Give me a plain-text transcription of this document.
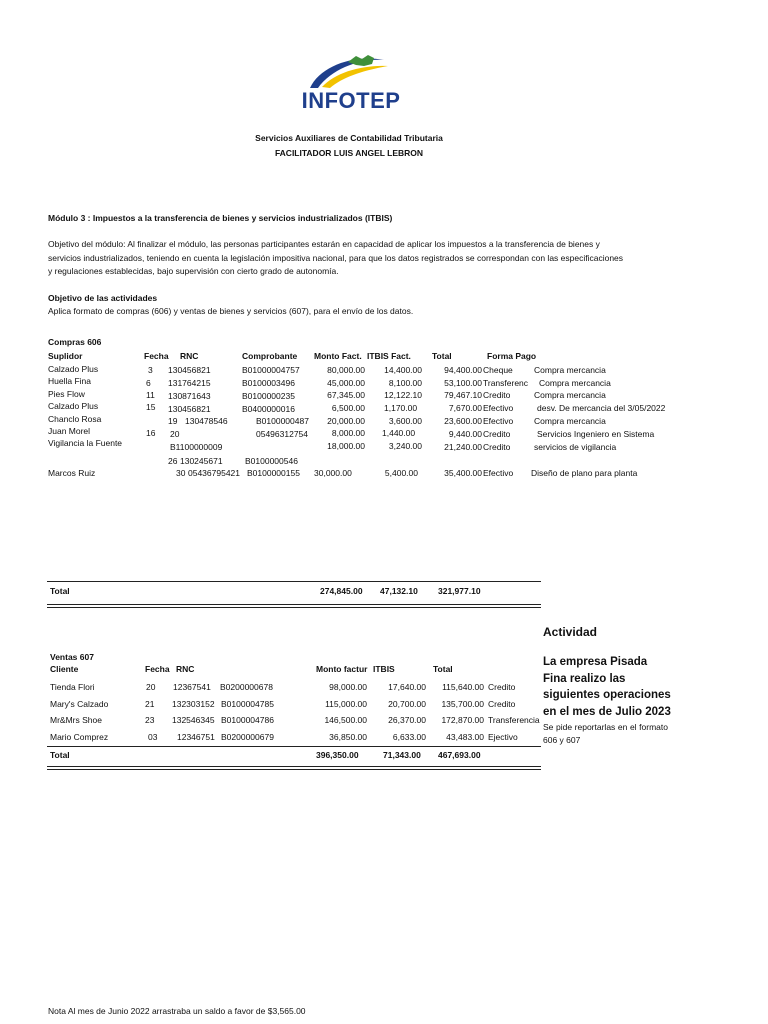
INFOTEP
Servicios Auxiliares de Contabilidad Tributaria
FACILITADOR LUIS ANGEL LEBRON
Módulo 3 : Impuestos a la transferencia de bienes y servicios industrializados (ITBIS)
Objetivo del módulo: Al finalizar el módulo, las personas participantes estarán en capacidad de aplicar los impuestos a la transferencia de bienes y
servicios industrializados, teniendo en cuenta la legislación impositiva nacional, para que los datos registrados se correspondan con las especificaciones
y regulaciones establecidas, bajo supervisión con cierto grado de autonomía.
Objetivo de las actividades
Aplica formato de compras (606) y ventas de bienes y servicios (607), para el envío de los datos.
Compras 606
Suplidor	Fecha RNC	Comprobante Monto Fact. ITBIS Fact. Total	Forma Pago
Calzado Plus	3 130456821	B01000004757	80,000.00	14,400.00	94,400.00 Cheque Compra mercancia
Huella Fina	6 131764215	B0100003496	45,000.00	8,100.00	53,100.00 Transferenc Compra mercancia
Pies Flow	11 130871643	B0100000235	67,345.00	12,122.10	79,467.10 Credito	Compra mercancia
Calzado Plus	15 130456821	B0400000016	6,500.00 1,170.00	7,670.00 Efectivo	desv. De mercancia del 3/05/2022
Chanclo Rosa	19 130478546	B0100000487	20,000.00	3,600.00	23,600.00 Efectivo Compra mercancia
Juan Morel	16 20	05496312754	8,000.00 1,440.00	9,440.00 Credito	Servicios Ingeniero en Sistema
Vigilancia la Fuente	B1100000009	18,000.00	3,240.00	21,240.00 Credito	servicios de vigilancia
26 130245671	B0100000546
Marcos Ruiz	30 05436795421 B0100000155 30,000.00	5,400.00	35,400.00 Efectivo Diseño de plano para planta
Total	274,845.00 47,132.10 321,977.10
Ventas 607
Cliente	Fecha RNC	Monto factur ITBIS	Total
Tienda Flori	20 12367541 B0200000678	98,000.00	17,640.00	115,640.00 Credito
Mary's Calzado	21 132303152 B0100004785	115,000.00	20,700.00	135,700.00 Credito
Mr&Mrs Shoe	23 132546345 B0100004786	146,500.00	26,370.00	172,870.00 Transferencia
Mario Comprez	03 12346751 B0200000679	36,850.00	6,633.00	43,483.00 Ejectivo
Total	396,350.00	71,343.00 467,693.00
Actividad
La empresa Pisada Fina realizo las siguientes operaciones en el mes de Julio 2023
Se pide reportarlas en el formato 606 y 607
Nota Al mes de Junio 2022 arrastraba un saldo a favor de $3,565.00
